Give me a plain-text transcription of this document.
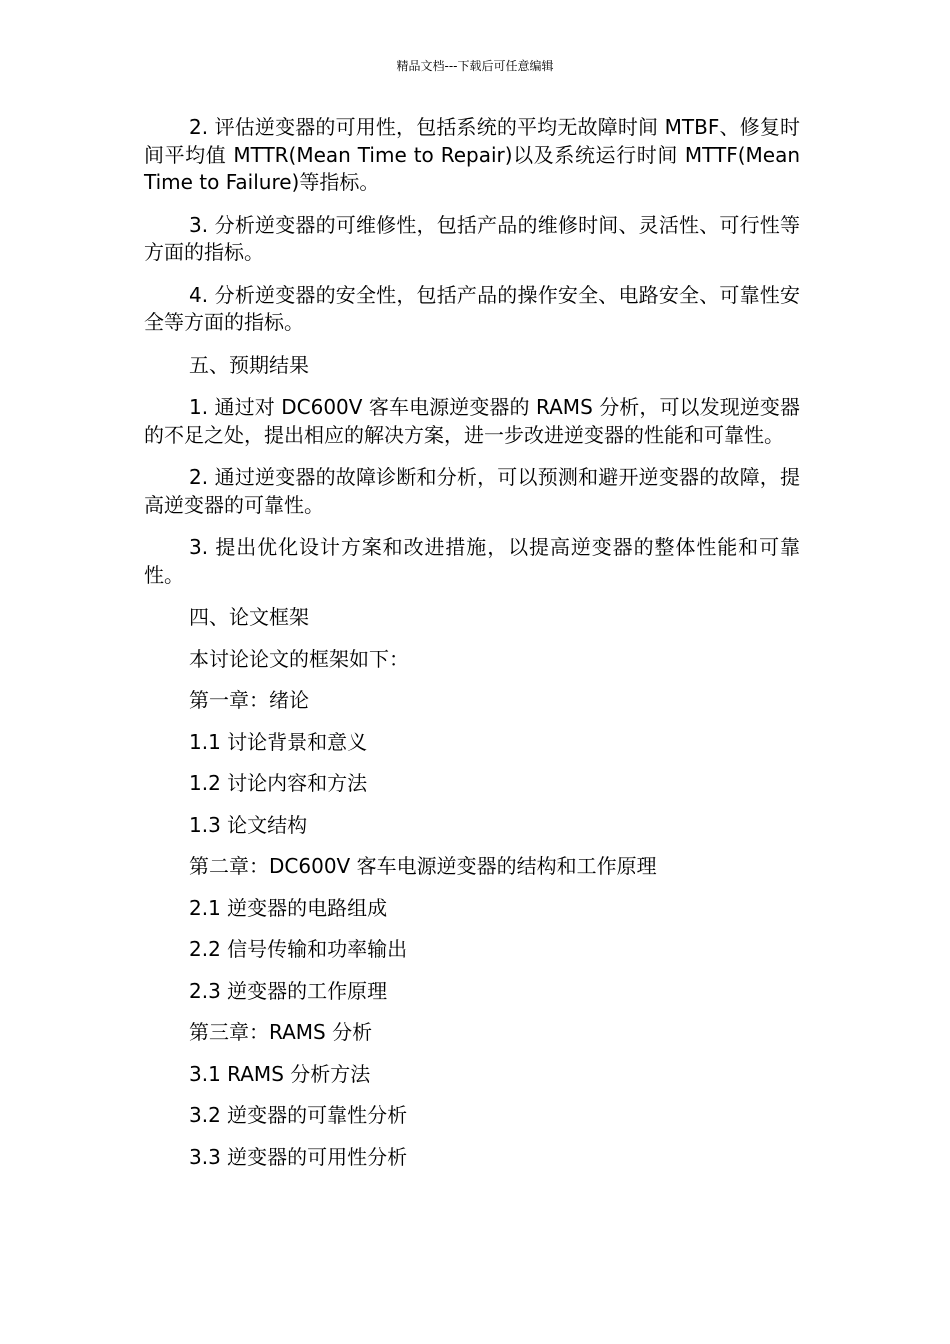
精品文档---下载后可任意编辑

2. 评估逆变器的可用性，包括系统的平均无故障时间 MTBF、修复时间平均值 MTTR(Mean Time to Repair)以及系统运行时间 MTTF(Mean Time to Failure)等指标。

3. 分析逆变器的可维修性，包括产品的维修时间、灵活性、可行性等方面的指标。

4. 分析逆变器的安全性，包括产品的操作安全、电路安全、可靠性安全等方面的指标。

五、预期结果

1. 通过对 DC600V 客车电源逆变器的 RAMS 分析，可以发现逆变器的不足之处，提出相应的解决方案，进一步改进逆变器的性能和可靠性。

2. 通过逆变器的故障诊断和分析，可以预测和避开逆变器的故障，提高逆变器的可靠性。

3. 提出优化设计方案和改进措施，以提高逆变器的整体性能和可靠性。

四、论文框架
本讨论论文的框架如下：
第一章：绪论
1.1 讨论背景和意义
1.2 讨论内容和方法
1.3 论文结构
第二章：DC600V 客车电源逆变器的结构和工作原理
2.1 逆变器的电路组成
2.2 信号传输和功率输出
2.3 逆变器的工作原理
第三章：RAMS 分析
3.1 RAMS 分析方法
3.2 逆变器的可靠性分析
3.3 逆变器的可用性分析
